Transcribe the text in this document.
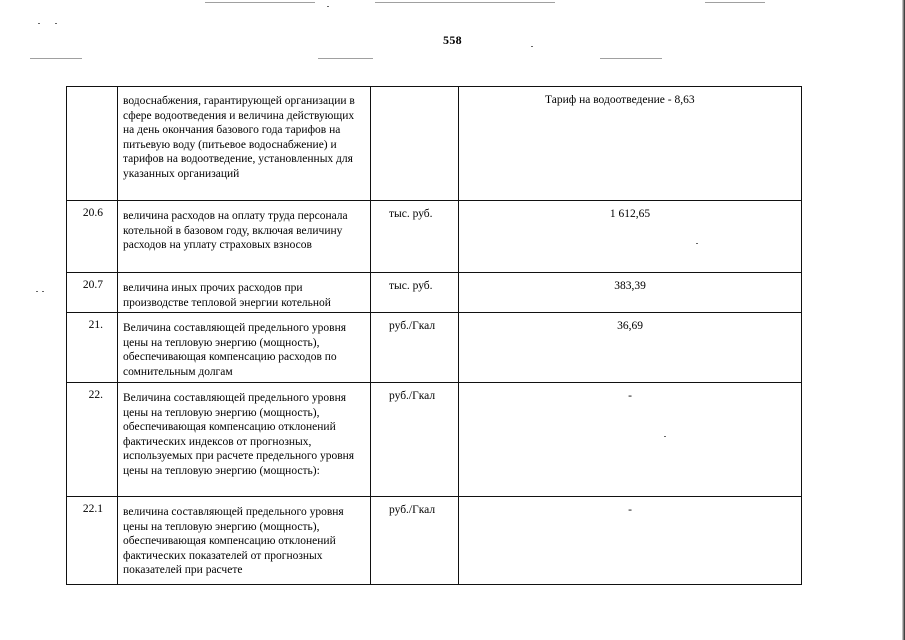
558

	водоснабжения, гарантирующей организации в сфере водоотведения и величина действующих на день окончания базового года тарифов на питьевую воду (питьевое водоснабжение) и тарифов на водоотведение, установленных для указанных организаций		Тариф на водоотведение - 8,63

20.6	величина расходов на оплату труда персонала котельной в базовом году, включая величину расходов на уплату страховых взносов	тыс. руб.	1 612,65

20.7	величина иных прочих расходов при производстве тепловой энергии котельной	тыс. руб.	383,39

21.	Величина составляющей предельного уровня цены на тепловую энергию (мощность), обеспечивающая компенсацию расходов по сомнительным долгам	руб./Гкал	36,69

22.	Величина составляющей предельного уровня цены на тепловую энергию (мощность), обеспечивающая компенсацию отклонений фактических индексов от прогнозных, используемых при расчете предельного уровня цены на тепловую энергию (мощность):	руб./Гкал	-

22.1	величина составляющей предельного уровня цены на тепловую энергию (мощность), обеспечивающая компенсацию отклонений фактических показателей от прогнозных показателей при расчете	руб./Гкал	-
